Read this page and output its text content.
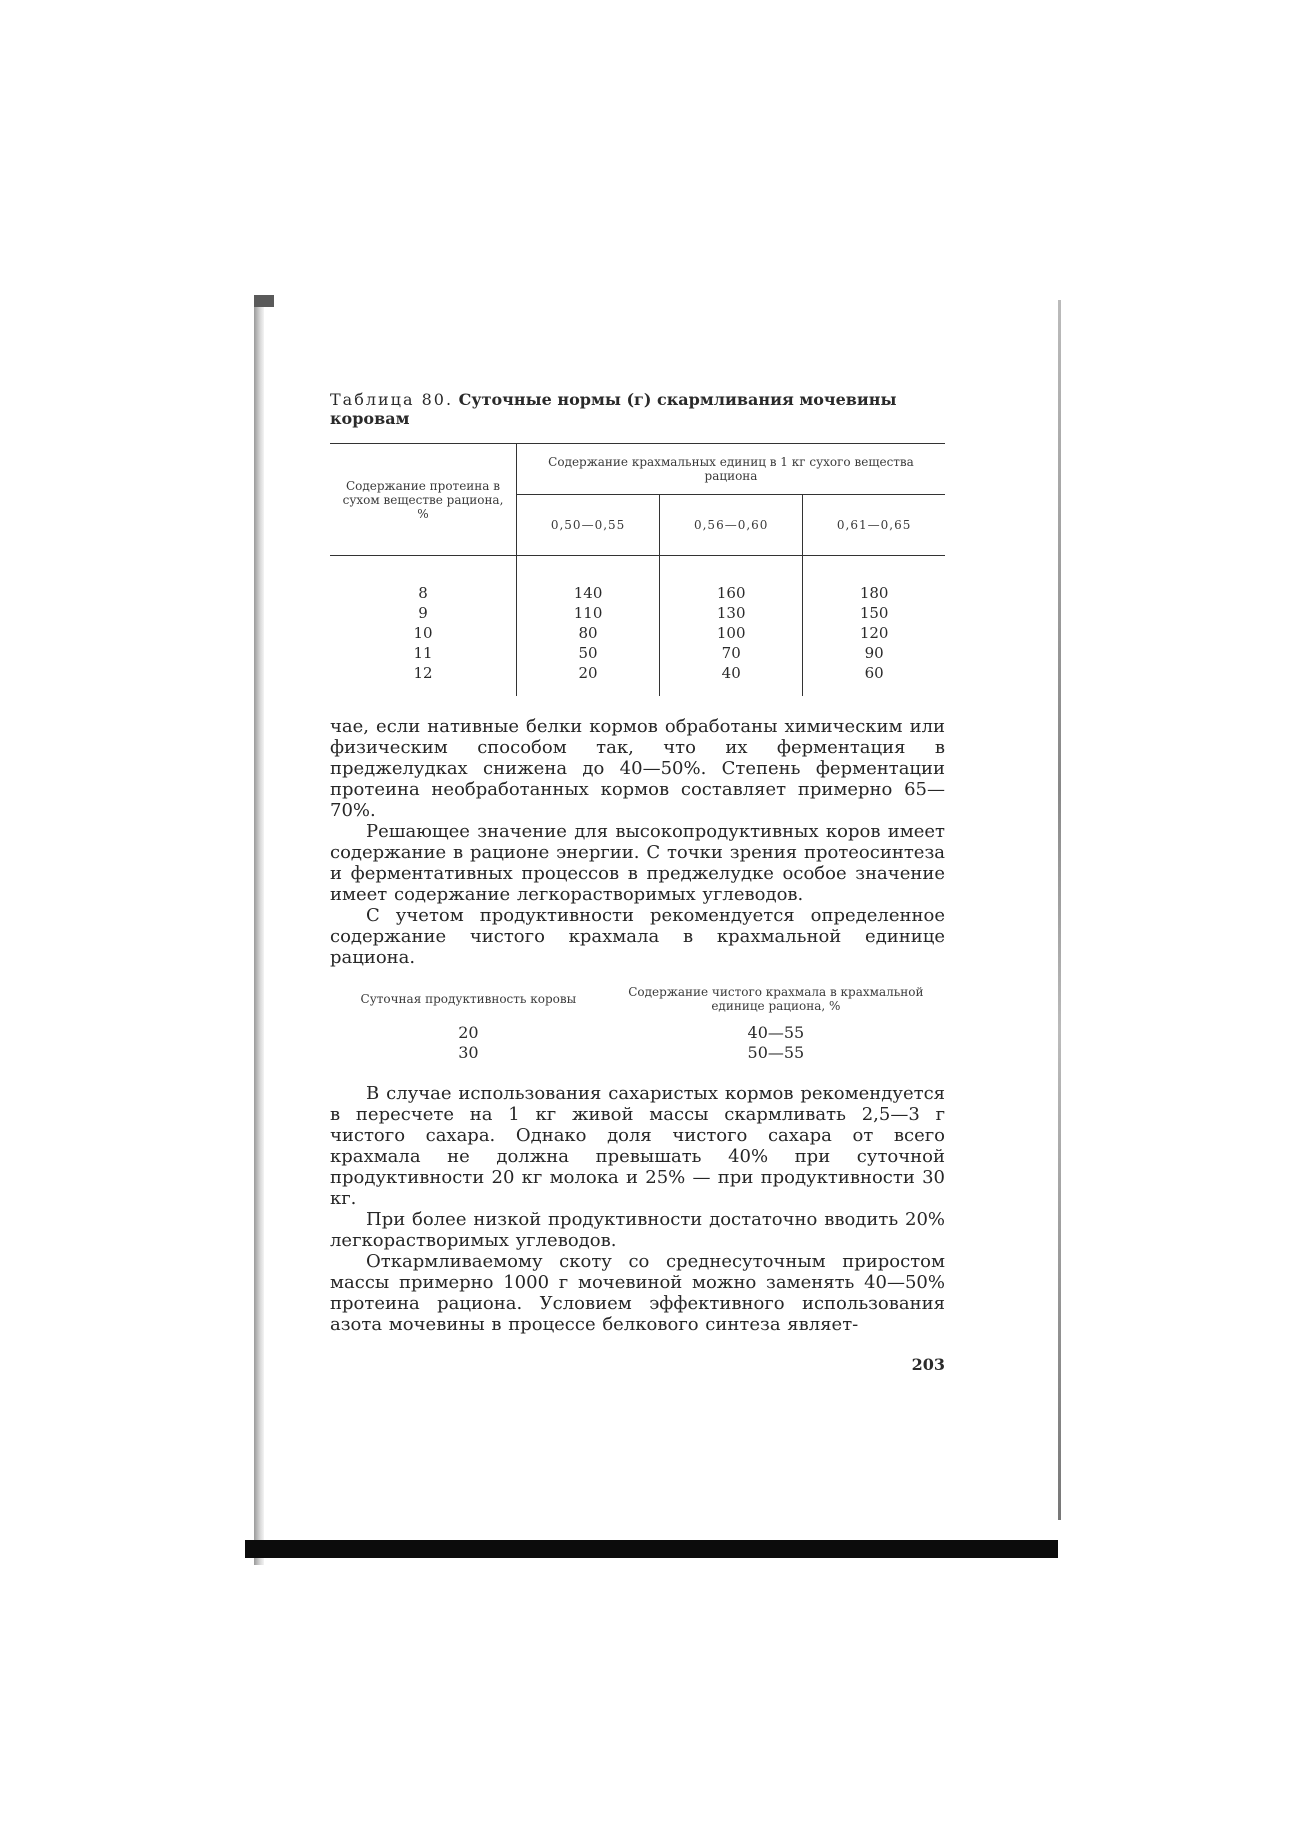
Таблица 80. Суточные нормы (г) скармливания мочевины коровам

Содержание протеина в сухом веществе рациона, %	Содержание крахмальных единиц в 1 кг сухого вещества рациона		
	0,50—0,55	0,56—0,60	0,61—0,65

8	140	160	180
9	110	130	150
10	80	100	120
11	50	70	90
12	20	40	60

чае, если нативные белки кормов обработаны химическим или физическим способом так, что их ферментация в преджелудках снижена до 40—50%. Степень ферментации протеина необработанных кормов составляет примерно 65—70%.

Решающее значение для высокопродуктивных коров имеет содержание в рационе энергии. С точки зрения протеосинтеза и ферментативных процессов в преджелудке особое значение имеет содержание легкорастворимых углеводов.

С учетом продуктивности рекомендуется определенное содержание чистого крахмала в крахмальной единице рациона.

Суточная продуктивность коровы	Содержание чистого крахмала в крахмальной единице рациона, %
20	40—55
30	50—55

В случае использования сахаристых кормов рекомендуется в пересчете на 1 кг живой массы скармливать 2,5—3 г чистого сахара. Однако доля чистого сахара от всего крахмала не должна превышать 40% при суточной продуктивности 20 кг молока и 25% — при продуктивности 30 кг.

При более низкой продуктивности достаточно вводить 20% легкорастворимых углеводов.

Откармливаемому скоту со среднесуточным приростом массы примерно 1000 г мочевиной можно заменять 40—50% протеина рациона. Условием эффективного использования азота мочевины в процессе белкового синтеза являет-

203
